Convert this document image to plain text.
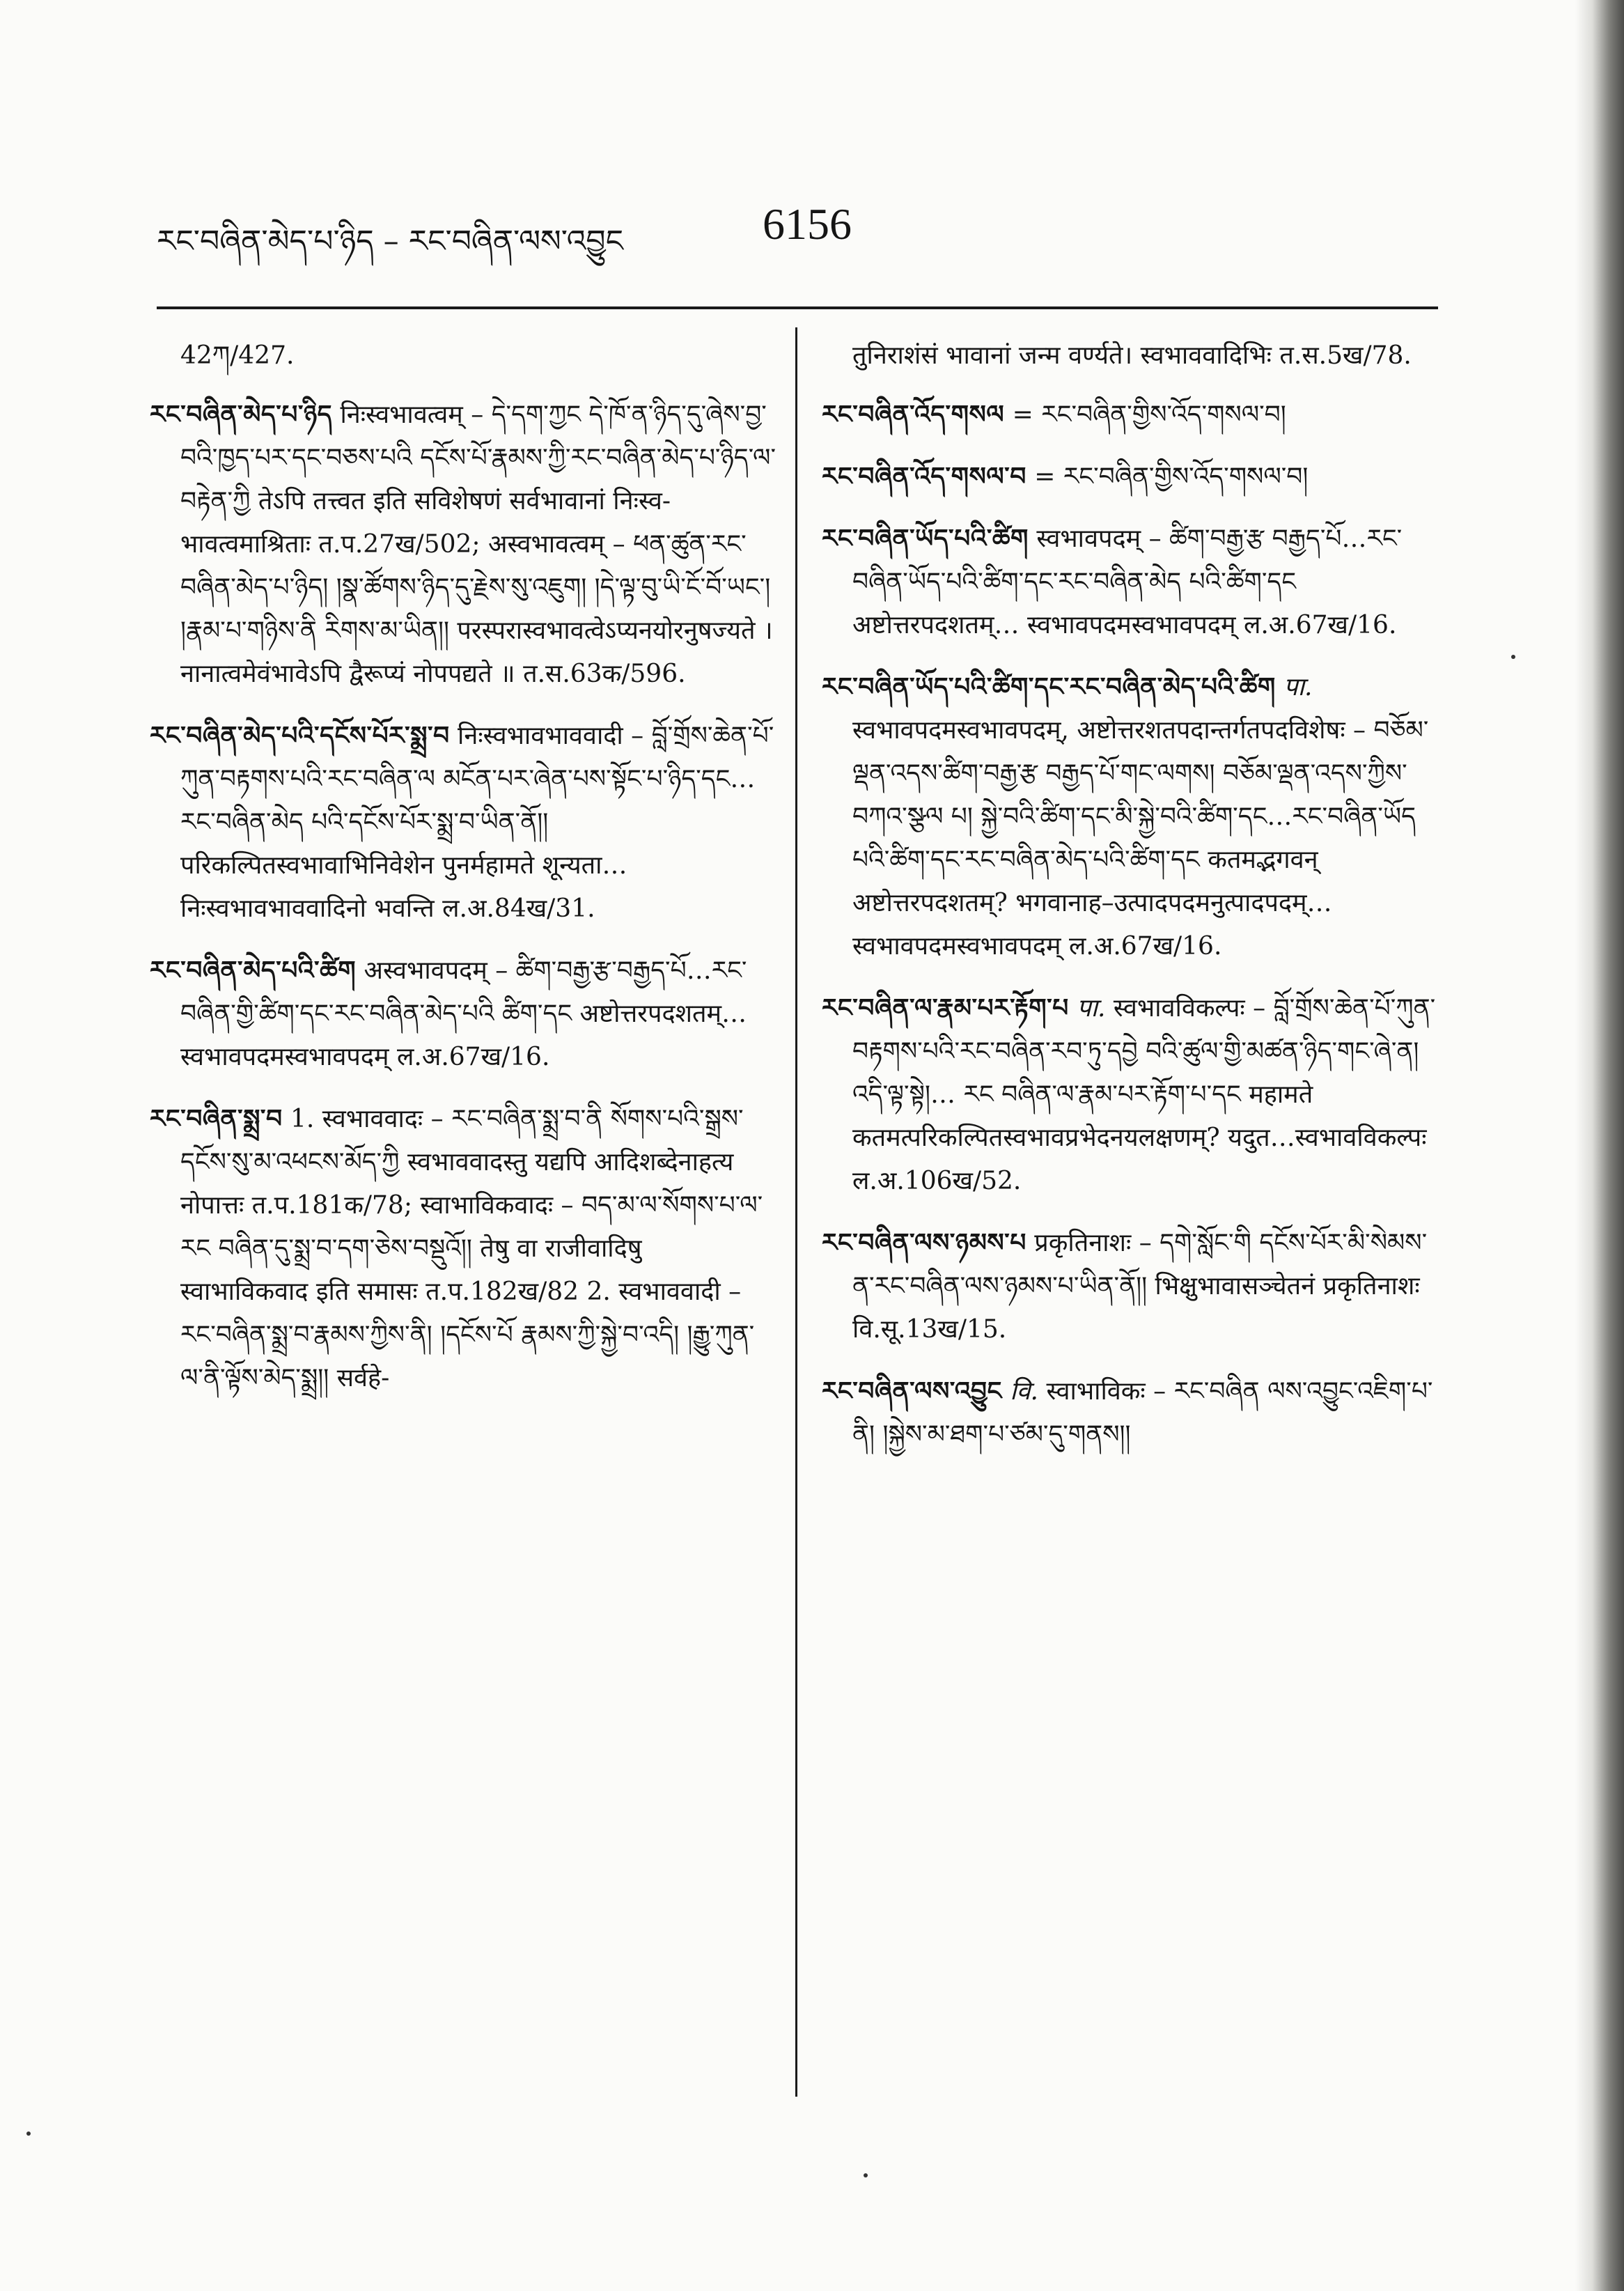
རང་བཞིན་མེད་པ་ཉིད – རང་བཞིན་ལས་འབྱུང	6156
42ཀ/427.
རང་བཞིན་མེད་པ་ཉིད निःस्वभावत्वम् – དེ་དག་ཀྱང དེ་ཁོ་ན་ཉིད་དུ་ཞེས་བྱ་བའི་ཁྱད་པར་དང་བཅས་པའི དངོས་པོ་རྣམས་ཀྱི་རང་བཞིན་མེད་པ་ཉིད་ལ་བརྟེན་ཀྱི तेऽपि तत्त्वत इति सविशेषणं सर्वभावानां निःस्व-भावत्वमाश्रिताः त.प.27ख/502; अस्वभावत्वम् – ཕན་ཚུན་རང་བཞིན་མེད་པ་ཉིད། །སྣ་ཚོགས་ཉིད་དུ་རྗེས་སུ་འཇུག། །དེ་ལྟ་བུ་ཡི་ངོ་བོ་ཡང་། །རྣམ་པ་གཉིས་ནི རིགས་མ་ཡིན།། परस्परास्वभावत्वेऽप्यनयोरनुषज्यते । नानात्वमेवंभावेऽपि द्वैरूप्यं नोपपद्यते ॥ त.स.63क/596.
རང་བཞིན་མེད་པའི་དངོས་པོར་སྨྲ་བ निःस्वभावभाववादी – བློ་གྲོས་ཆེན་པོ་ཀུན་བརྟགས་པའི་རང་བཞིན་ལ མངོན་པར་ཞེན་པས་སྟོང་པ་ཉིད་དང…རང་བཞིན་མེད པའི་དངོས་པོར་སྨྲ་བ་ཡིན་ནོ།། परिकल्पितस्वभावाभिनिवेशेन पुनर्महामते शून्यता… निःस्वभावभाववादिनो भवन्ति ल.अ.84ख/31.
རང་བཞིན་མེད་པའི་ཚིག अस्वभावपदम् – ཚིག་བརྒྱ་རྩ་བརྒྱད་པོ…རང་བཞིན་གྱི་ཚིག་དང་རང་བཞིན་མེད་པའི ཚིག་དང अष्टोत्तरपदशतम्… स्वभावपदमस्वभावपदम् ल.अ.67ख/16.
རང་བཞིན་སྨྲ་བ 1. स्वभाववादः – རང་བཞིན་སྨྲ་བ་ནི སོགས་པའི་སྒྲས་དངོས་སུ་མ་འཕངས་མོད་ཀྱི स्वभाववादस्तु यद्यपि आदिशब्देनाहत्य नोपात्तः त.प.181क/78; स्वाभाविकवादः – བད་མ་ལ་སོགས་པ་ལ་རང བཞིན་དུ་སྨྲ་བ་དག་ཅེས་བསྡུའོ།། तेषु वा राजीवादिषु स्वाभाविकवाद इति समासः त.प.182ख/82 2. स्वभाववादी – རང་བཞིན་སྨྲ་བ་རྣམས་ཀྱིས་ནི། །དངོས་པོ རྣམས་ཀྱི་སྐྱེ་བ་འདི། །རྒྱུ་ཀུན་ལ་ནི་ལྟོས་མེད་སྨྲ།། सर्वहे-
तुनिराशंसं भावानां जन्म वर्ण्यते। स्वभाववादिभिः त.स.5ख/78.
རང་བཞིན་འོད་གསལ = རང་བཞིན་གྱིས་འོད་གསལ་བ།
རང་བཞིན་འོད་གསལ་བ = རང་བཞིན་གྱིས་འོད་གསལ་བ།
རང་བཞིན་ཡོད་པའི་ཚིག स्वभावपदम् – ཚིག་བརྒྱ་རྩ བརྒྱད་པོ…རང་བཞིན་ཡོད་པའི་ཚིག་དང་རང་བཞིན་མེད པའི་ཚིག་དང अष्टोत्तरपदशतम्… स्वभावपदमस्वभावपदम् ल.अ.67ख/16.
རང་བཞིན་ཡོད་པའི་ཚིག་དང་རང་བཞིན་མེད་པའི་ཚིག पा. स्वभावपदमस्वभावपदम्, अष्टोत्तरशतपदान्तर्गतपदविशेषः – བཅོམ་ལྡན་འདས་ཚིག་བརྒྱ་རྩ བརྒྱད་པོ་གང་ལགས། བཅོམ་ལྡན་འདས་ཀྱིས་བཀའ་སྩལ པ། སྐྱེ་བའི་ཚིག་དང་མི་སྐྱེ་བའི་ཚིག་དང…རང་བཞིན་ཡོད པའི་ཚིག་དང་རང་བཞིན་མེད་པའི་ཚིག་དང कतमद्भगवन् अष्टोत्तरपदशतम्? भगवानाह–उत्पादपदमनुत्पादपदम्…स्वभावपदमस्वभावपदम् ल.अ.67ख/16.
རང་བཞིན་ལ་རྣམ་པར་རྟོག་པ पा. स्वभावविकल्पः – བློ་གྲོས་ཆེན་པོ་ཀུན་བརྟགས་པའི་རང་བཞིན་རབ་ཏུ་དབྱེ བའི་ཚུལ་གྱི་མཚན་ཉིད་གང་ཞེ་ན། འདི་ལྟ་སྟེ།… རང བཞིན་ལ་རྣམ་པར་རྟོག་པ་དང महामते कतमत्परिकल्पितस्वभावप्रभेदनयलक्षणम्? यदुत…स्वभावविकल्पः ल.अ.106ख/52.
རང་བཞིན་ལས་ཉམས་པ प्रकृतिनाशः – དགེ་སློང་གི དངོས་པོར་མི་སེམས་ན་རང་བཞིན་ལས་ཉམས་པ་ཡིན་ནོ།། भिक्षुभावासञ्चेतनं प्रकृतिनाशः वि.सू.13ख/15.
རང་བཞིན་ལས་འབྱུང वि. स्वाभाविकः – རང་བཞིན ལས་འབྱུང་འཇིག་པ་ནི། །སྐྱེས་མ་ཐག་པ་ཙམ་དུ་གནས།།
